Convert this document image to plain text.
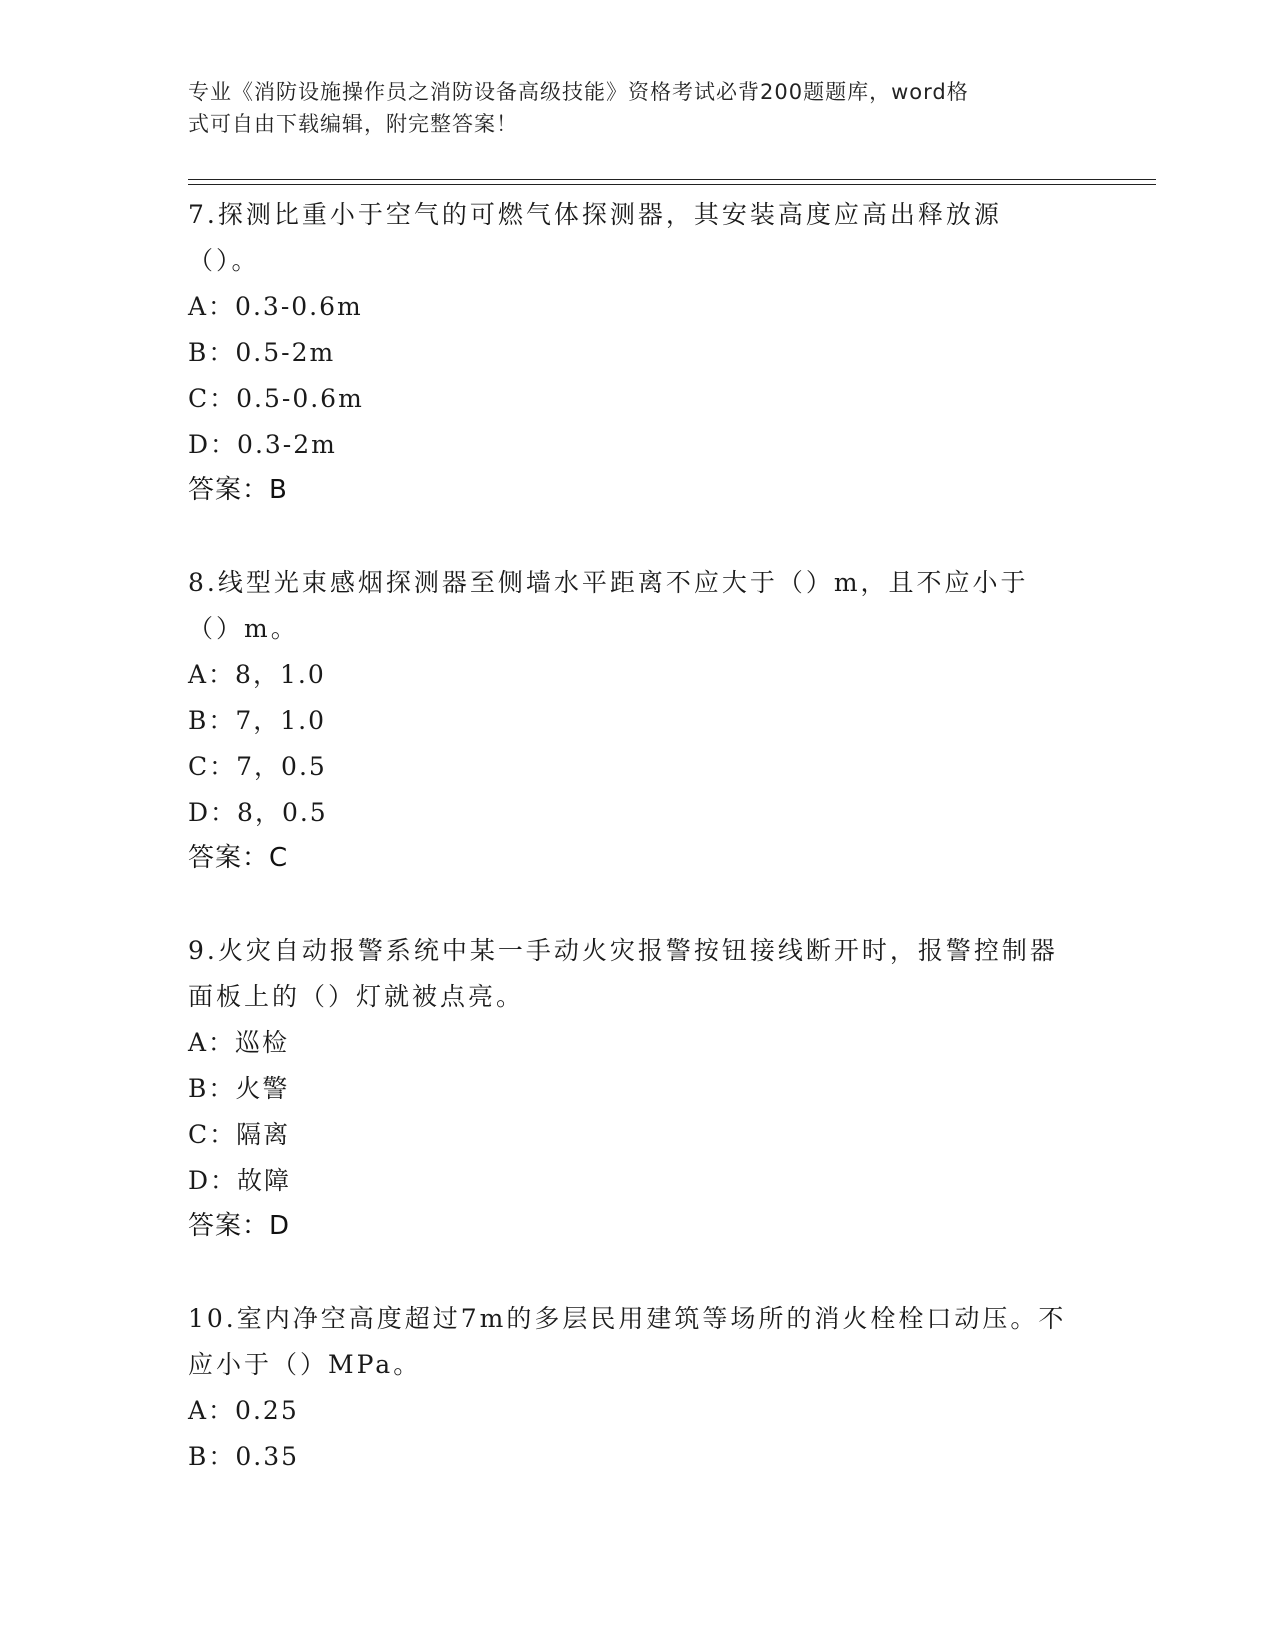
专业《消防设施操作员之消防设备高级技能》资格考试必背200题题库，word格
式可自由下载编辑，附完整答案！

7.探测比重小于空气的可燃气体探测器，其安装高度应高出释放源（）。

A：0.3-0.6m

B：0.5-2m

C：0.5-0.6m

D：0.3-2m

答案：B

8.线型光束感烟探测器至侧墙水平距离不应大于（）m，且不应小于（）m。

A：8，1.0

B：7，1.0

C：7，0.5

D：8，0.5

答案：C

9.火灾自动报警系统中某一手动火灾报警按钮接线断开时，报警控制器面板上的（）灯就被点亮。

A：巡检

B：火警

C：隔离

D：故障

答案：D

10.室内净空高度超过7m的多层民用建筑等场所的消火栓栓口动压。不应小于（）MPa。

A：0.25

B：0.35
